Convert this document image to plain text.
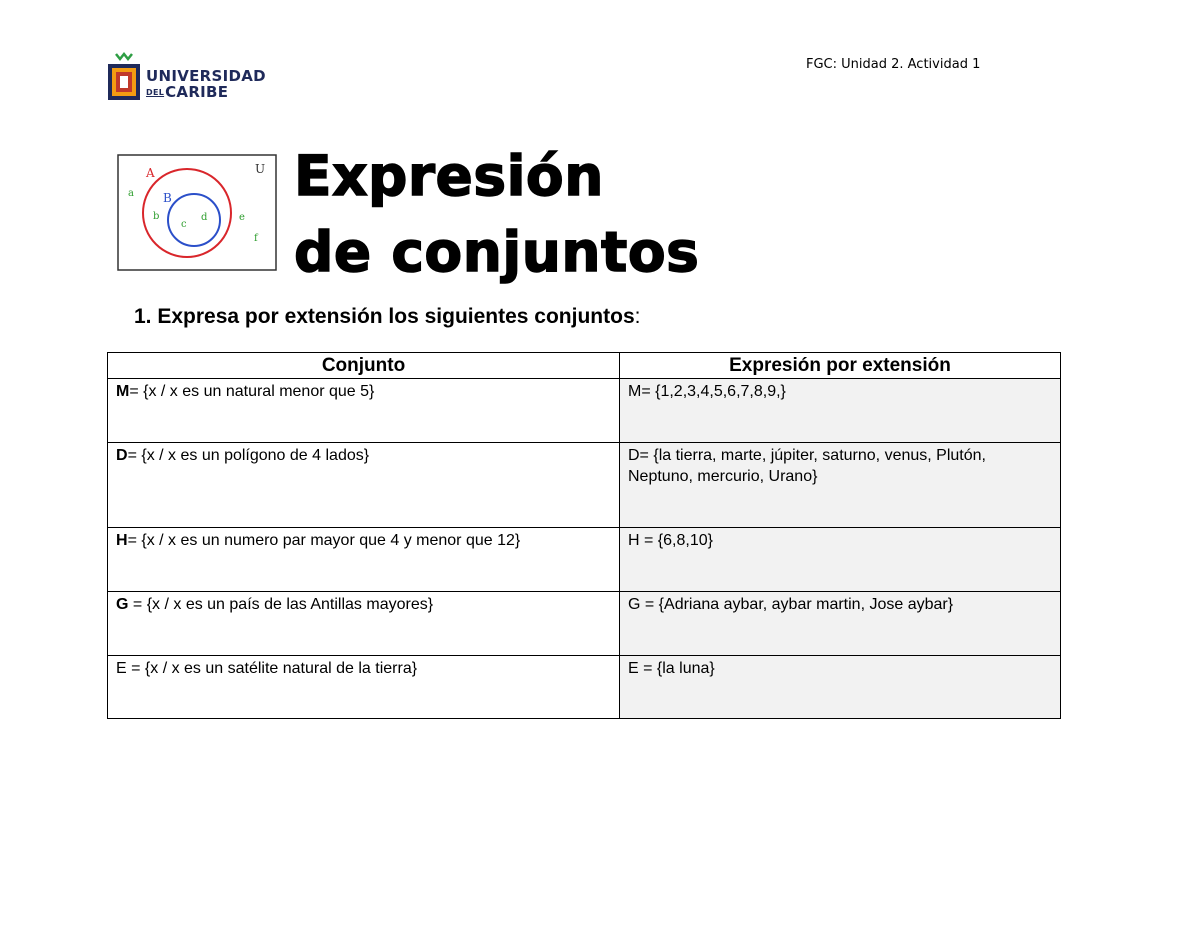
UNIVERSIDAD
DELCARIBE
FGC: Unidad 2. Actividad 1
U
A
B
a
b
c
d	e
f
Expresión
de conjuntos
1. Expresa por extensión los siguientes conjuntos:
Conjunto	Expresión por extensión
M= {x / x es un natural menor que 5}	M= {1,2,3,4,5,6,7,8,9,}
D= {x / x es un polígono de 4 lados}	D= {la tierra, marte, júpiter, saturno, venus, Plutón, Neptuno, mercurio, Urano}
H= {x / x es un numero par mayor que 4 y menor que 12}	H = {6,8,10}
G = {x / x es un país de las Antillas mayores}	G = {Adriana aybar, aybar martin, Jose aybar}
E = {x / x es un satélite natural de la tierra}	E = {la luna}
